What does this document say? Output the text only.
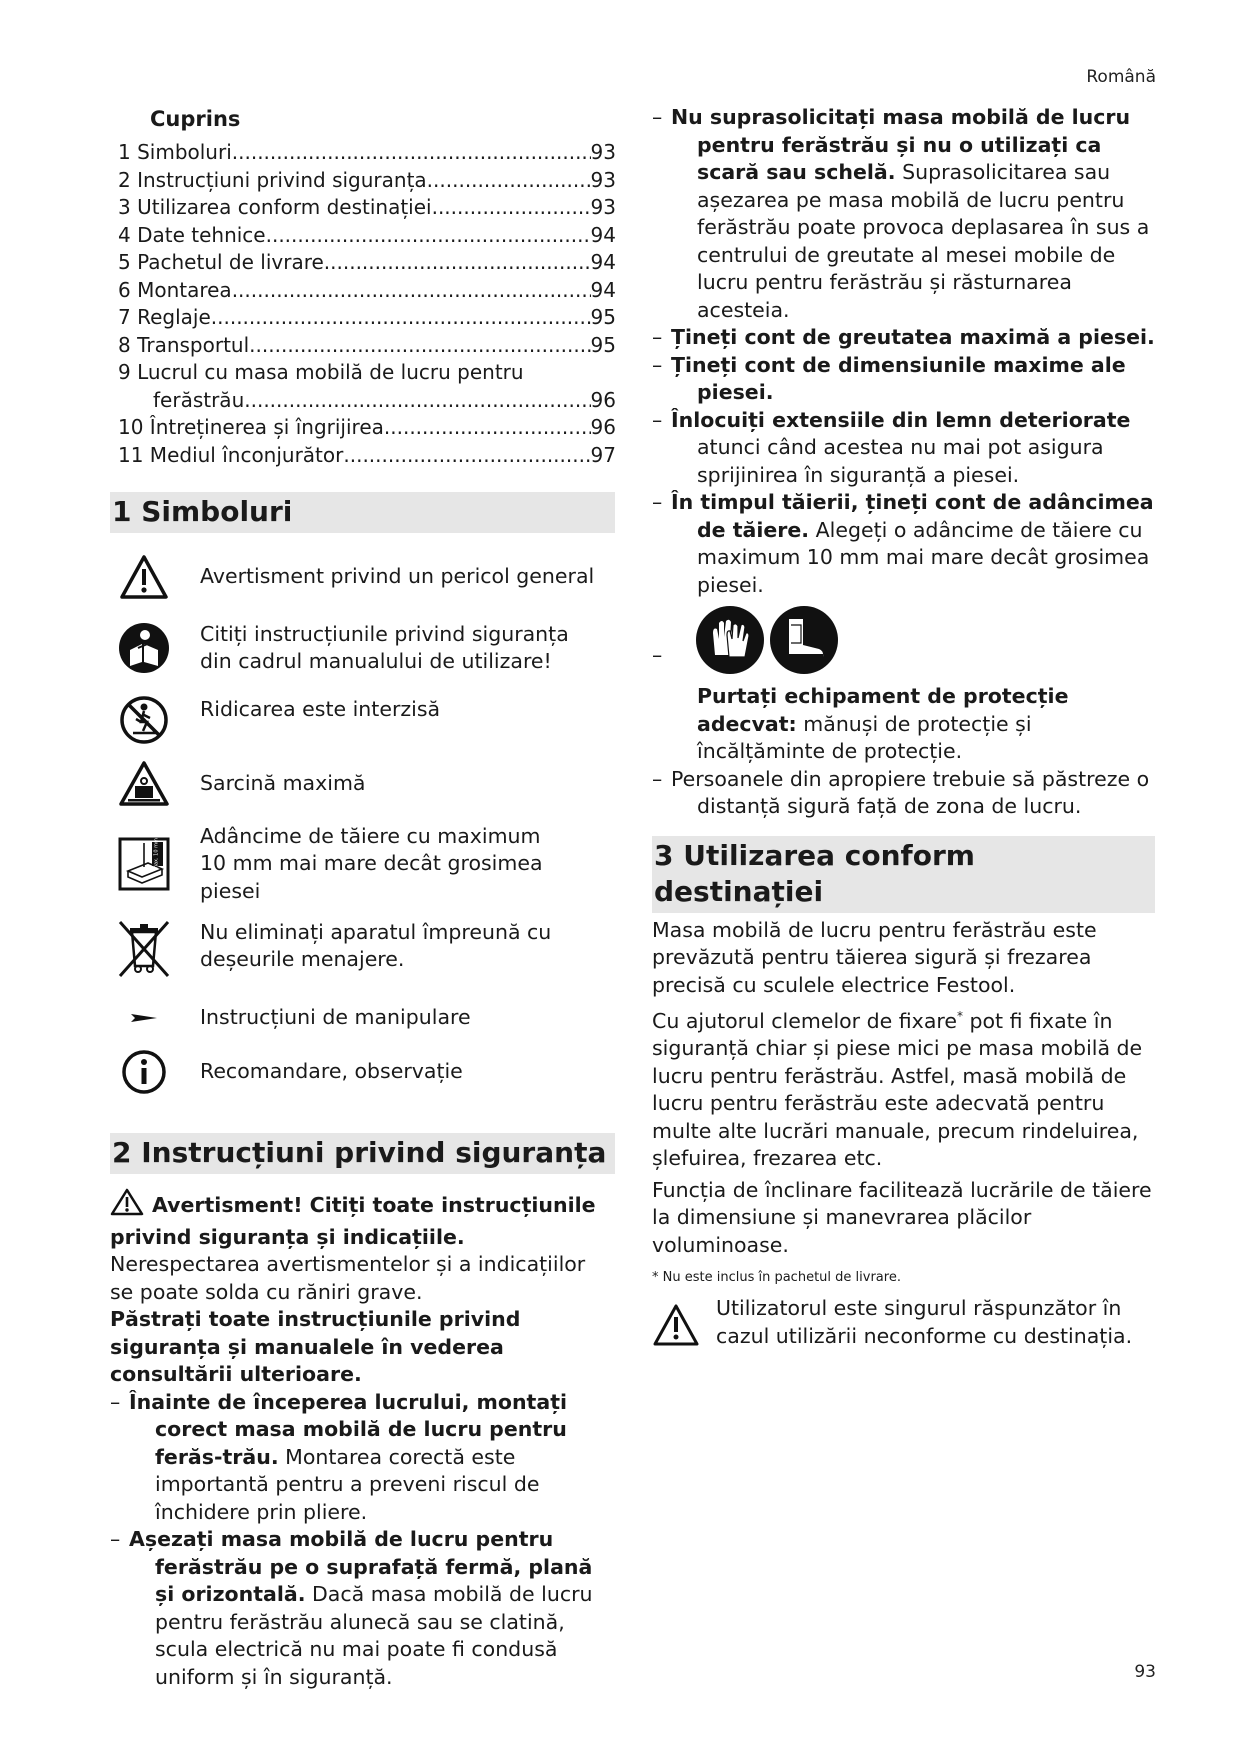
Română
Cuprins
1 Simboluri .....	93
2 Instrucțiuni privind siguranța .....	93
3 Utilizarea conform destinației .....	93
4 Date tehnice .....	94
5 Pachetul de livrare .....	94
6 Montarea .....	94
7 Reglaje .....	95
8 Transportul .....	95
9 Lucrul cu masa mobilă de lucru pentru
ferăstrău .....	96
10 Întreținerea și îngrijirea .....	96
11 Mediul înconjurător .....	97
1 Simboluri
Avertisment privind un pericol general
Citiți instrucțiunile privind siguranța din cadrul manualului de utilizare!
Ridicarea este interzisă
Sarcină maximă
max. 10 mm
Adâncime de tăiere cu maximum 10 mm mai mare decât grosimea piesei
Nu eliminați aparatul împreună cu deșeurile menajere.
Instrucțiuni de manipulare
Recomandare, observație
2 Instrucțiuni privind siguranța

Avertisment! Citiți toate instrucțiunile privind siguranța și indicațiile. Nerespectarea avertismentelor și a indicațiilor se poate solda cu răniri grave.

Păstrați toate instrucțiunile privind siguranța și manualele în vederea consultării ulterioare.

– Înainte de începerea lucrului, montați corect masa mobilă de lucru pentru ferăs-trău. Montarea corectă este importantă pentru a preveni riscul de închidere prin pliere.
– Așezați masa mobilă de lucru pentru ferăstrău pe o suprafață fermă, plană și orizontală. Dacă masa mobilă de lucru pentru ferăstrău alunecă sau se clatină, scula electrică nu mai poate fi condusă uniform și în siguranță.
– Nu suprasolicitați masa mobilă de lucru pentru ferăstrău și nu o utilizați ca scară sau schelă. Suprasolicitarea sau așezarea pe masa mobilă de lucru pentru ferăstrău poate provoca deplasarea în sus a centrului de greutate al mesei mobile de lucru pentru ferăstrău și răsturnarea acesteia.
– Țineți cont de greutatea maximă a piesei.
– Țineți cont de dimensiunile maxime ale piesei.
– Înlocuiți extensiile din lemn deteriorate atunci când acestea nu mai pot asigura sprijinirea în siguranță a piesei.
– În timpul tăierii, țineți cont de adâncimea de tăiere. Alegeți o adâncime de tăiere cu maximum 10 mm mai mare decât grosimea piesei.
–
Purtați echipament de protecție adecvat: mănuși de protecție și încălțăminte de protecție.
– Persoanele din apropiere trebuie să păstreze o distanță sigură față de zona de lucru.
3 Utilizarea conform destinației

Masa mobilă de lucru pentru ferăstrău este prevăzută pentru tăierea sigură și frezarea precisă cu sculele electrice Festool.

Cu ajutorul clemelor de fixare* pot fi fixate în siguranță chiar și piese mici pe masa mobilă de lucru pentru ferăstrău. Astfel, masă mobilă de lucru pentru ferăstrău este adecvată pentru multe alte lucrări manuale, precum rindeluirea, șlefuirea, frezarea etc.

Funcția de înclinare facilitează lucrările de tăiere la dimensiune și manevrarea plăcilor voluminoase.

* Nu este inclus în pachetul de livrare.

Utilizatorul este singurul răspunzător în cazul utilizării neconforme cu destinația.
93
